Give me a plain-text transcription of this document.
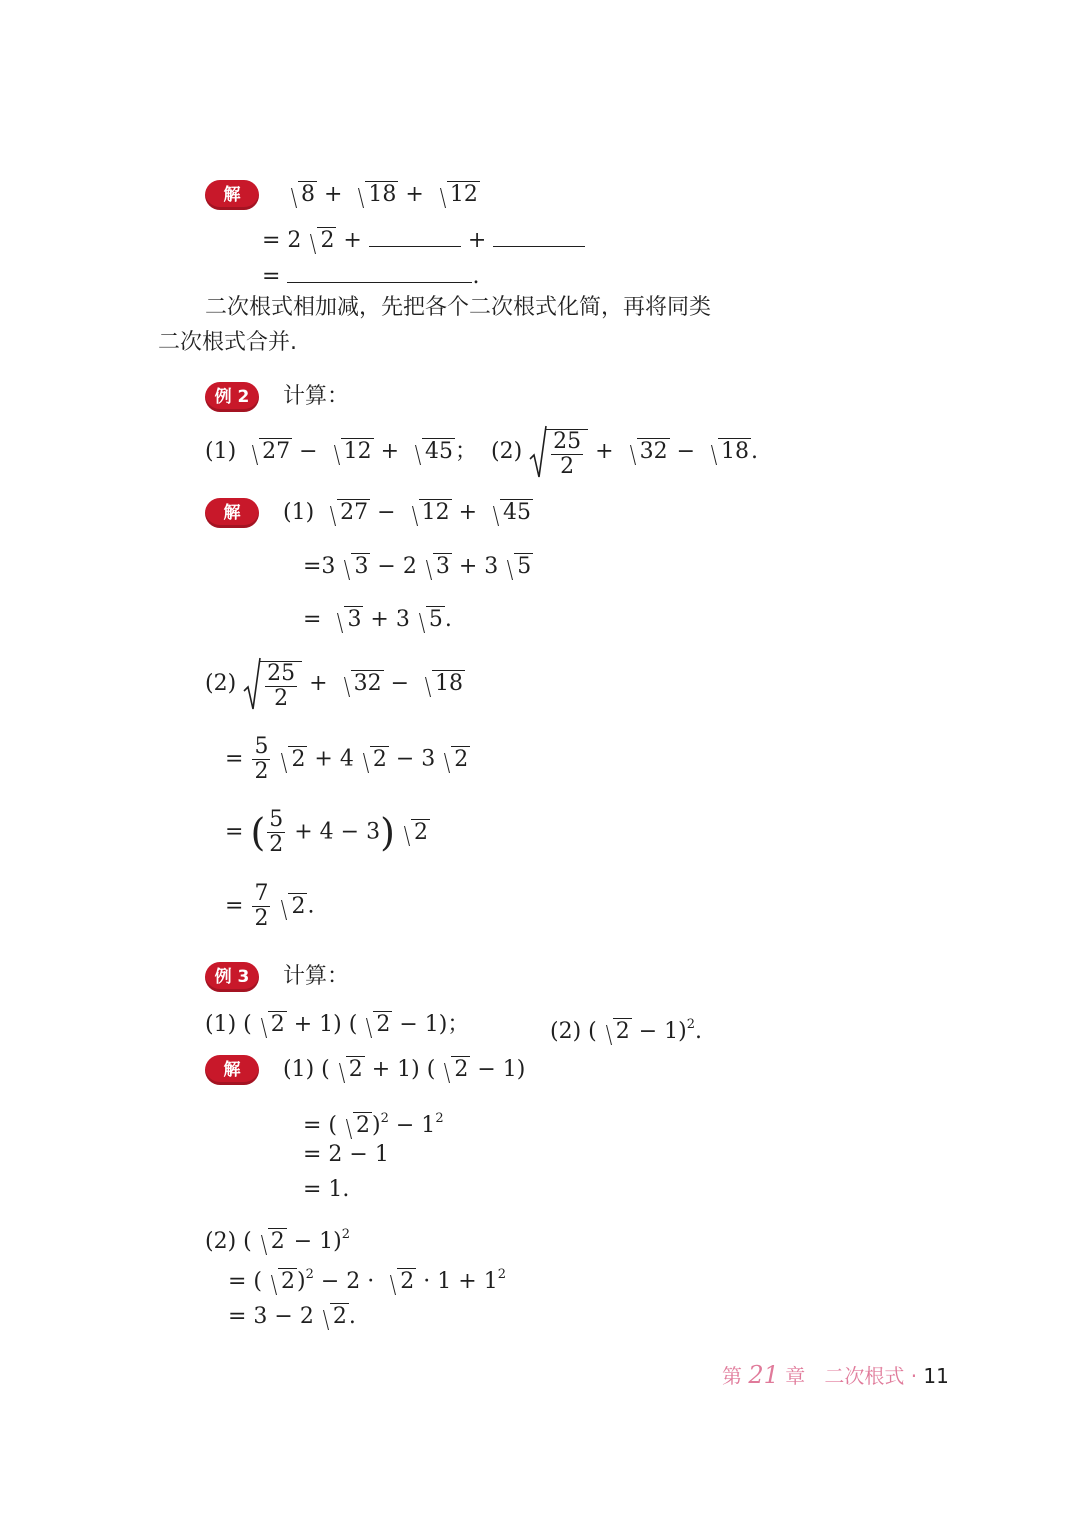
解	8 + 18 + 12
= 2 2 +	+
=	.
二次根式相加减，先把各个二次根式化简，再将同类
二次根式合并.
例 2	计算：
(1) 27 − 12 + 45；  $(2) \frac{25}{2} + 32 - 18$.
解	(1) 27 − 12 + 45
=3 3 − 2 3 + 3 5
= 3 + 3 5.
$(2) \frac{25}{2} + 32 - 18$
= $\frac{5}{2} 2 + 4$ 2 − 3 2
= ( $\frac{5}{2} + 4 - 3$) 2
= $\frac{7}{2} 2$.
例 3	计算：
(1) ( 2 + 1) ( 2 − 1)；	(2) ( 2 − 1)$^2$.
解	(1) ( 2 + 1) ( 2 − 1)
= ( $2)^2 - 1^2$
= 2 − 1
= 1.
(2) ( 2 − 1)$^2$
= ( $2)^2 - 2 \cdot 2 \cdot 1 + 1^2$
= 3 − 2 2.
第 21 章 二次根式 · 11
